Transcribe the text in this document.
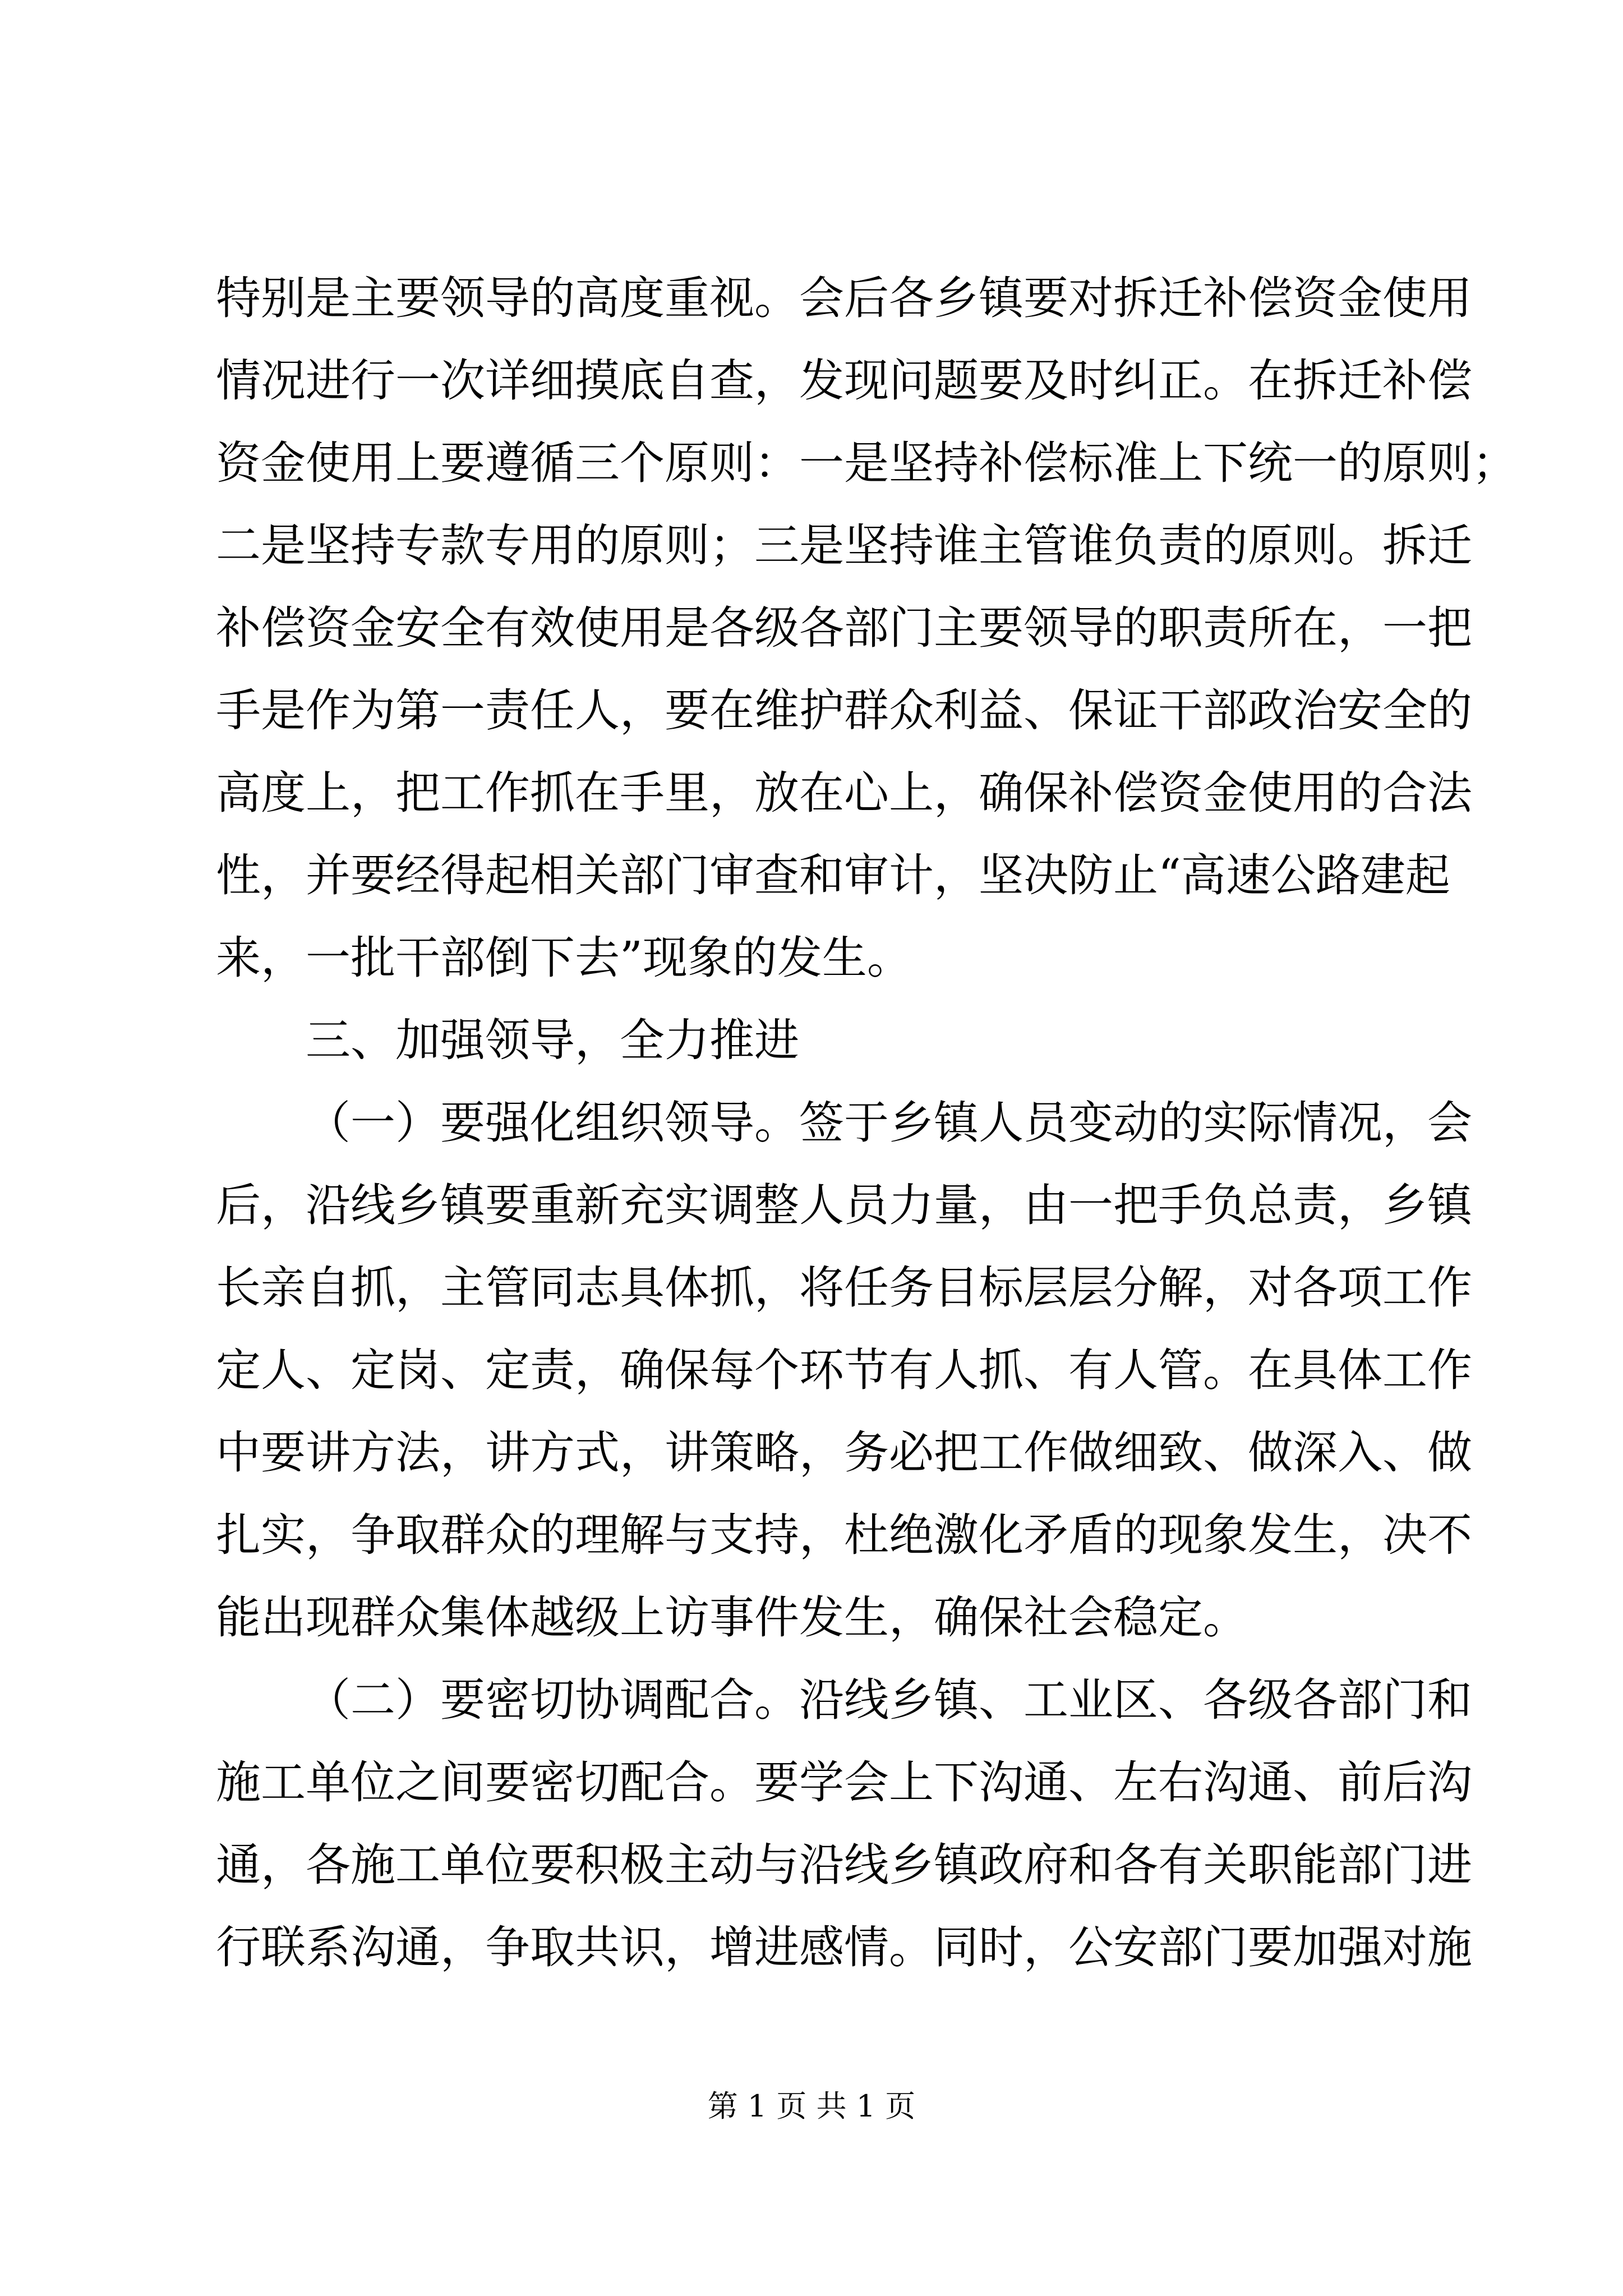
特别是主要领导的高度重视。会后各乡镇要对拆迁补偿资金使用
情况进行一次详细摸底自查，发现问题要及时纠正。在拆迁补偿
资金使用上要遵循三个原则：一是坚持补偿标准上下统一的原则；
二是坚持专款专用的原则；三是坚持谁主管谁负责的原则。拆迁
补偿资金安全有效使用是各级各部门主要领导的职责所在，一把
手是作为第一责任人，要在维护群众利益、保证干部政治安全的
高度上，把工作抓在手里，放在心上，确保补偿资金使用的合法
性，并要经得起相关部门审查和审计，坚决防止“高速公路建起
来，一批干部倒下去”现象的发生。
三、加强领导，全力推进
（一）要强化组织领导。签于乡镇人员变动的实际情况，会
后，沿线乡镇要重新充实调整人员力量，由一把手负总责，乡镇
长亲自抓，主管同志具体抓，将任务目标层层分解，对各项工作
定人、定岗、定责，确保每个环节有人抓、有人管。在具体工作
中要讲方法，讲方式，讲策略，务必把工作做细致、做深入、做
扎实，争取群众的理解与支持，杜绝激化矛盾的现象发生，决不
能出现群众集体越级上访事件发生，确保社会稳定。
（二）要密切协调配合。沿线乡镇、工业区、各级各部门和
施工单位之间要密切配合。要学会上下沟通、左右沟通、前后沟
通，各施工单位要积极主动与沿线乡镇政府和各有关职能部门进
行联系沟通，争取共识，增进感情。同时，公安部门要加强对施
第 1 页 共 1 页
